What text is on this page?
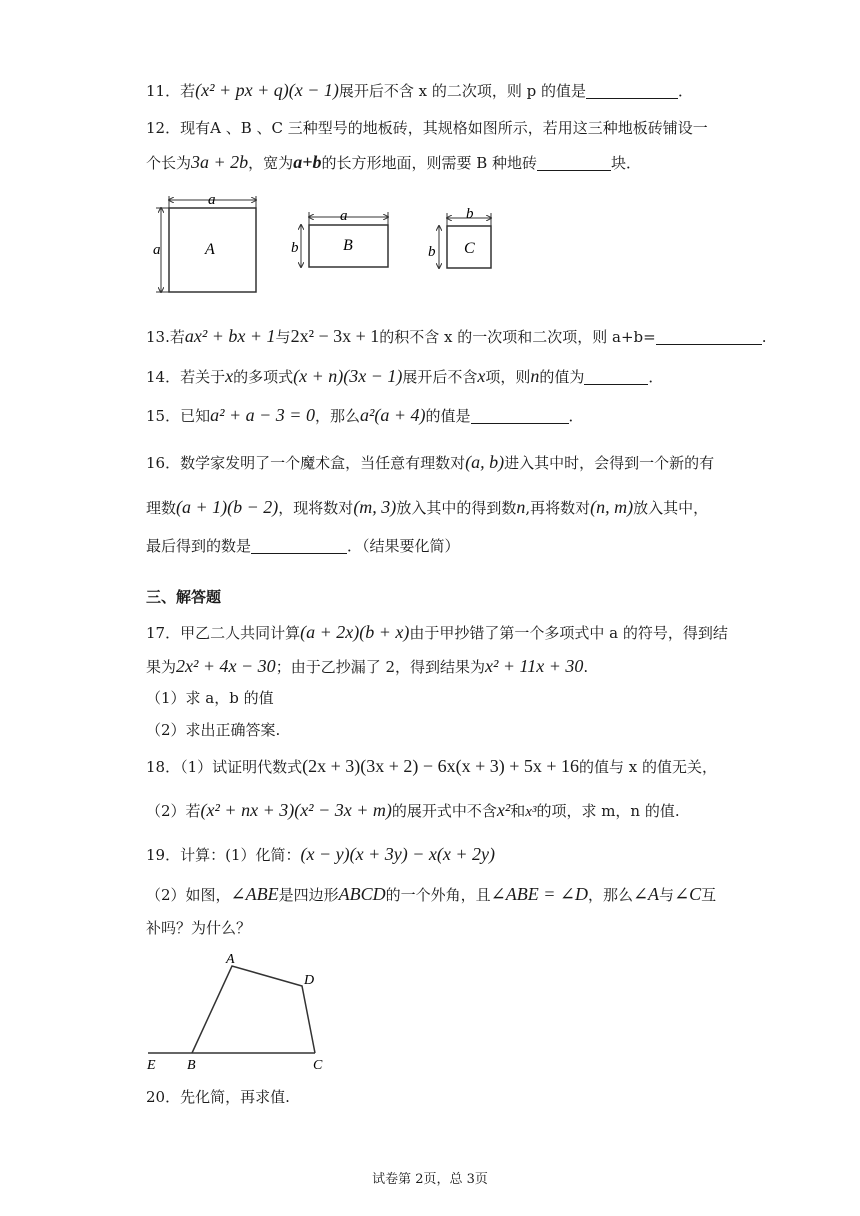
11．若(x² + px + q)(x − 1)展开后不含 x 的二次项，则 p 的值是	．
12．现有A 、B 、C 三种型号的地板砖，其规格如图所示，若用这三种地板砖铺设一
个长为3a + 2b，宽为a+b的长方形地面，则需要 B 种地砖	块．
a
a	A
a
b	B
b
b C
13.若ax² + bx + 1与2x² − 3x + 1的积不含 x 的一次项和二次项，则 a+b=	.
14．若关于x的多项式(x + n)(3x − 1)展开后不含x项，则n的值为	．
15．已知a² + a − 3 = 0，那么a²(a + 4)的值是	．
16．数学家发明了一个魔术盒，当任意有理数对(a, b)进入其中时，会得到一个新的有
理数(a + 1)(b − 2)，现将数对(m, 3)放入其中的得到数n,再将数对(n, m)放入其中，
最后得到的数是	．（结果要化简）
三、解答题
17．甲乙二人共同计算(a + 2x)(b + x)由于甲抄错了第一个多项式中 a 的符号，得到结
果为2x² + 4x − 30；由于乙抄漏了 2，得到结果为x² + 11x + 30.
（1）求 a，b 的值
（2）求出正确答案.
18．（1）试证明代数式(2x + 3)(3x + 2) − 6x(x + 3) + 5x + 16的值与 x 的值无关，
（2）若(x² + nx + 3)(x² − 3x + m)的展开式中不含x²和x³的项，求 m，n 的值.
19．计算：(1）化简：(x − y)(x + 3y) − x(x + 2y)
（2）如图，∠ABE是四边形ABCD的一个外角，且∠ABE = ∠D，那么∠A与∠C互
补吗？为什么？
A
D
E B	C
20．先化简，再求值.
试卷第 2页，总 3页
